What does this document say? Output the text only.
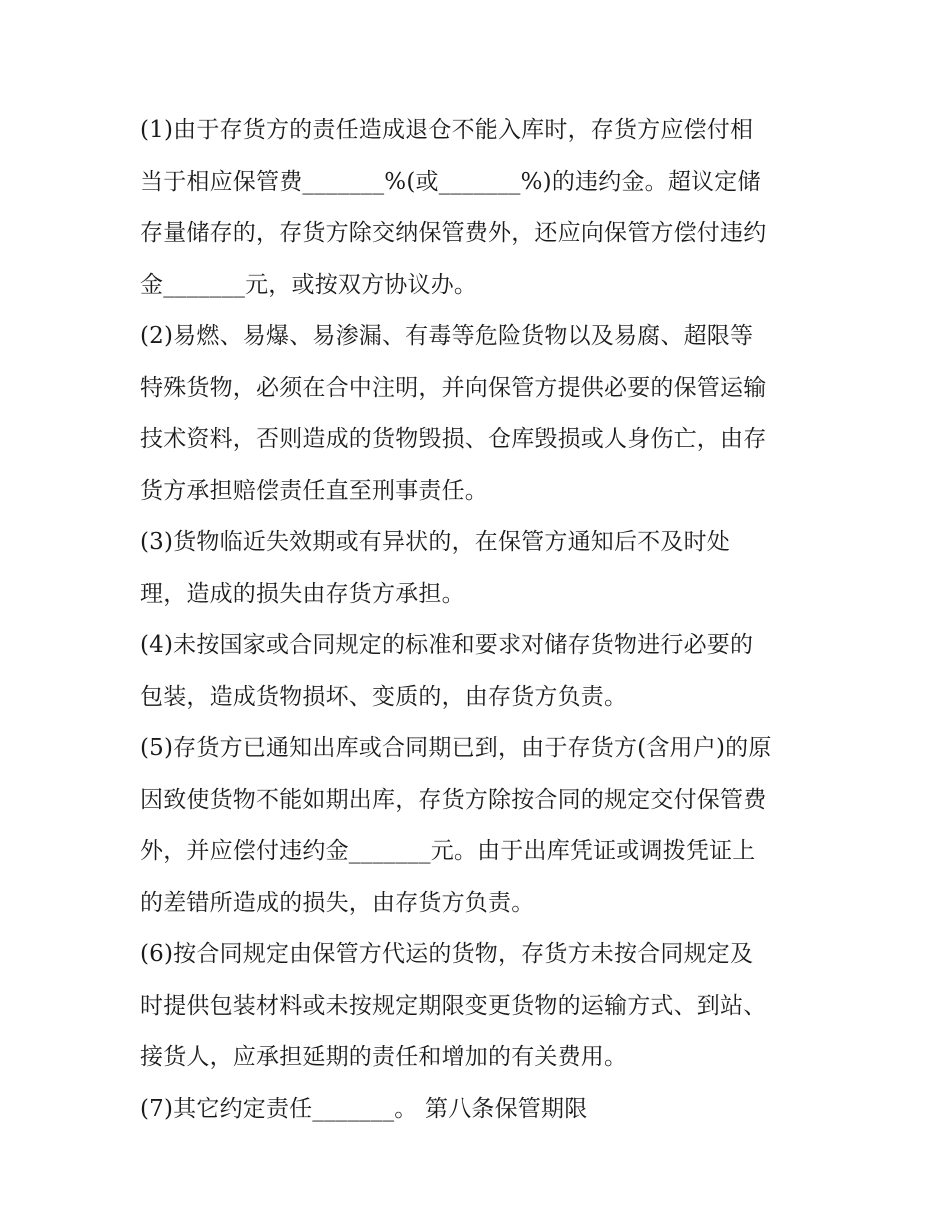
(1)由于存货方的责任造成退仓不能入库时，存货方应偿付相
当于相应保管费_______%(或_______%)的违约金。超议定储
存量储存的，存货方除交纳保管费外，还应向保管方偿付违约
金_______元，或按双方协议办。
(2)易燃、易爆、易渗漏、有毒等危险货物以及易腐、超限等
特殊货物，必须在合中注明，并向保管方提供必要的保管运输
技术资料，否则造成的货物毁损、仓库毁损或人身伤亡，由存
货方承担赔偿责任直至刑事责任。
(3)货物临近失效期或有异状的，在保管方通知后不及时处
理，造成的损失由存货方承担。
(4)未按国家或合同规定的标准和要求对储存货物进行必要的
包装，造成货物损坏、变质的，由存货方负责。
(5)存货方已通知出库或合同期已到，由于存货方(含用户)的原
因致使货物不能如期出库，存货方除按合同的规定交付保管费
外，并应偿付违约金_______元。由于出库凭证或调拨凭证上
的差错所造成的损失，由存货方负责。
(6)按合同规定由保管方代运的货物，存货方未按合同规定及
时提供包装材料或未按规定期限变更货物的运输方式、到站、
接货人，应承担延期的责任和增加的有关费用。
(7)其它约定责任_______。 第八条保管期限
